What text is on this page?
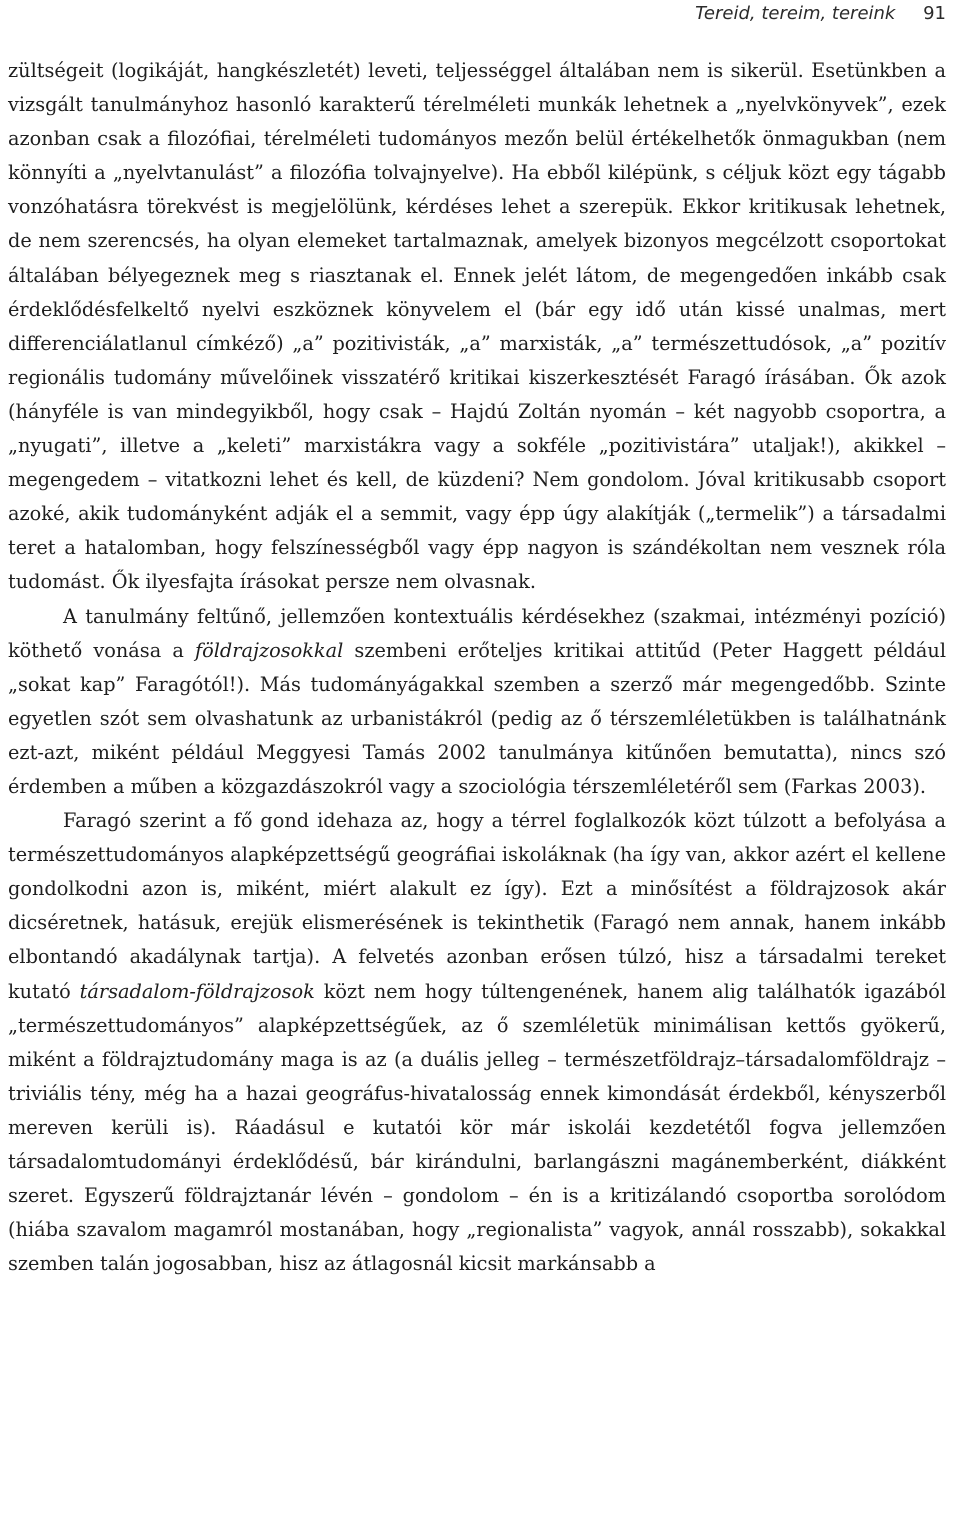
Tereid, tereim, tereink 91

zültségeit (logikáját, hangkészletét) leveti, teljességgel általában nem is sikerül. Esetünkben a vizsgált tanulmányhoz hasonló karakterű térelméleti munkák lehetnek a „nyelvkönyvek”, ezek azonban csak a filozófiai, térelméleti tudományos mezőn belül értékelhetők önmagukban (nem könnyíti a „nyelvtanulást” a filozófia tolvajnyelve). Ha ebből kilépünk, s céljuk közt egy tágabb vonzóhatásra törekvést is megjelölünk, kérdéses lehet a szerepük. Ekkor kritikusak lehetnek, de nem szerencsés, ha olyan elemeket tartalmaznak, amelyek bizonyos megcélzott csoportokat általában bélyegeznek meg s riasztanak el. Ennek jelét látom, de megengedően inkább csak érdeklődésfelkeltő nyelvi eszköznek könyvelem el (bár egy idő után kissé unalmas, mert differenciálatlanul címkéző) „a” pozitivisták, „a” marxisták, „a” természettudósok, „a” pozitív regionális tudomány művelőinek visszatérő kritikai kiszerkesztését Faragó írásában. Ők azok (hányféle is van mindegyikből, hogy csak – Hajdú Zoltán nyomán – két nagyobb csoportra, a „nyugati”, illetve a „keleti” marxistákra vagy a sokféle „pozitivistára” utaljak!), akikkel – megengedem – vitatkozni lehet és kell, de küzdeni? Nem gondolom. Jóval kritikusabb csoport azoké, akik tudományként adják el a semmit, vagy épp úgy alakítják („termelik”) a társadalmi teret a hatalomban, hogy felszínességből vagy épp nagyon is szándékoltan nem vesznek róla tudomást. Ők ilyesfajta írásokat persze nem olvasnak.

A tanulmány feltűnő, jellemzően kontextuális kérdésekhez (szakmai, intézményi pozíció) köthető vonása a földrajzosokkal szembeni erőteljes kritikai attitűd (Peter Haggett például „sokat kap” Faragótól!). Más tudományágakkal szemben a szerző már megengedőbb. Szinte egyetlen szót sem olvashatunk az urbanistákról (pedig az ő térszemléletükben is találhatnánk ezt-azt, miként például Meggyesi Tamás 2002 tanulmánya kitűnően bemutatta), nincs szó érdemben a műben a közgazdászokról vagy a szociológia térszemléletéről sem (Farkas 2003).

Faragó szerint a fő gond idehaza az, hogy a térrel foglalkozók közt túlzott a befolyása a természettudományos alapképzettségű geográfiai iskoláknak (ha így van, akkor azért el kellene gondolkodni azon is, miként, miért alakult ez így). Ezt a minősítést a földrajzosok akár dicséretnek, hatásuk, erejük elismerésének is tekinthetik (Faragó nem annak, hanem inkább elbontandó akadálynak tartja). A felvetés azonban erősen túlzó, hisz a társadalmi tereket kutató társadalom-földrajzosok közt nem hogy túltengenének, hanem alig találhatók igazából „természettudományos” alapképzettségűek, az ő szemléletük minimálisan kettős gyökerű, miként a földrajztudomány maga is az (a duális jelleg – természetföldrajz–társadalomföldrajz – triviális tény, még ha a hazai geográfus-hivatalosság ennek kimondását érdekből, kényszerből mereven kerüli is). Ráadásul e kutatói kör már iskolái kezdetétől fogva jellemzően társadalomtudományi érdeklődésű, bár kirándulni, barlangászni magánemberként, diákként szeret. Egyszerű földrajztanár lévén – gondolom – én is a kritizálandó csoportba sorolódom (hiába szavalom magamról mostanában, hogy „regionalista” vagyok, annál rosszabb), sokakkal szemben talán jogosabban, hisz az átlagosnál kicsit markánsabb a
